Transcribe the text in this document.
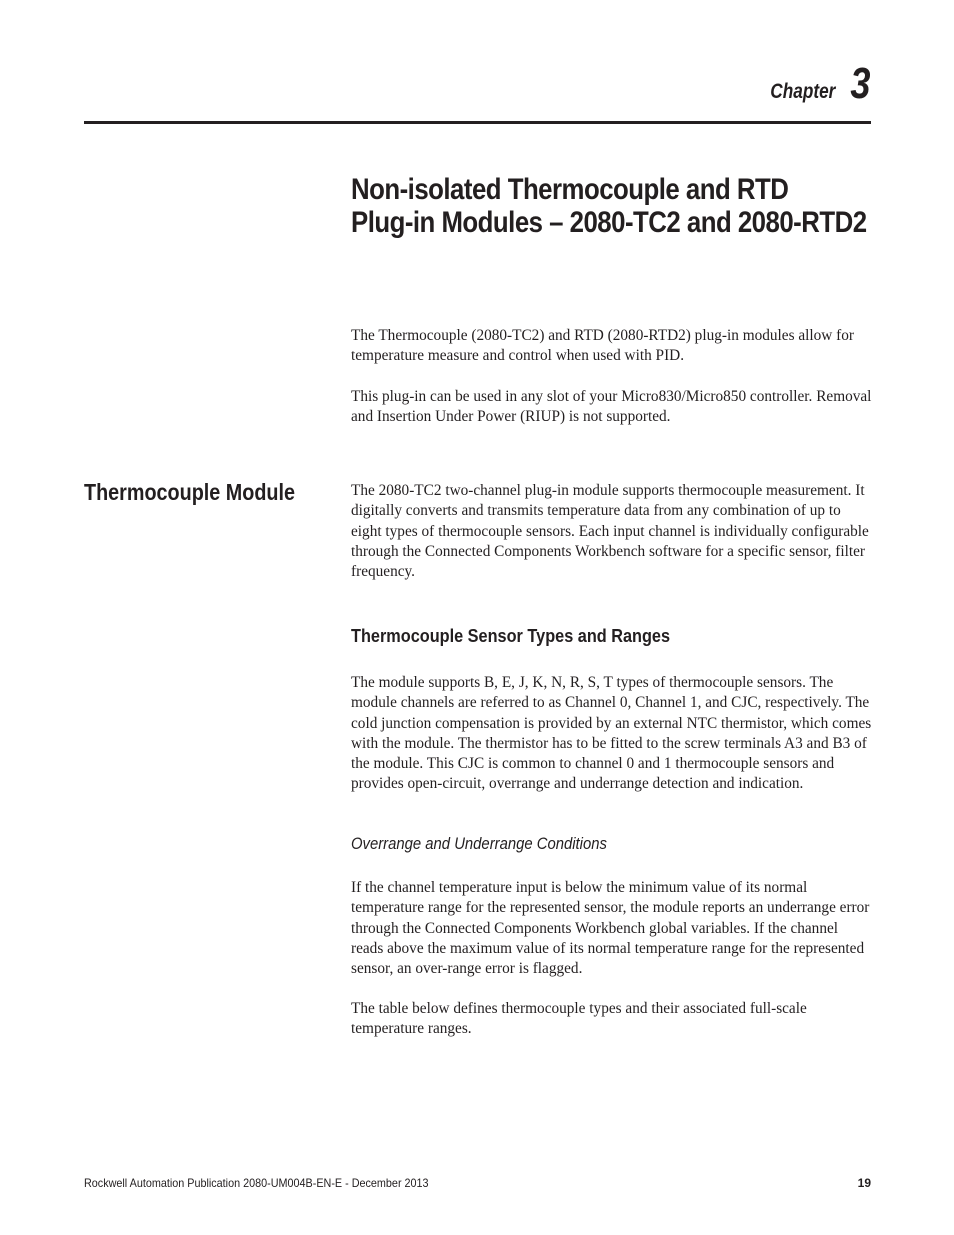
Chapter 3
Non-isolated Thermocouple and RTD
Plug-in Modules – 2080-TC2 and 2080-RTD2

The Thermocouple (2080-TC2) and RTD (2080-RTD2) plug-in modules allow for temperature measure and control when used with PID.

This plug-in can be used in any slot of your Micro830/Micro850 controller. Removal and Insertion Under Power (RIUP) is not supported.

Thermocouple Module	The 2080-TC2 two-channel plug-in module supports thermocouple measurement. It digitally converts and transmits temperature data from any combination of up to eight types of thermocouple sensors. Each input channel is individually configurable through the Connected Components Workbench software for a specific sensor, filter frequency.

Thermocouple Sensor Types and Ranges

The module supports B, E, J, K, N, R, S, T types of thermocouple sensors. The module channels are referred to as Channel 0, Channel 1, and CJC, respectively. The cold junction compensation is provided by an external NTC thermistor, which comes with the module. The thermistor has to be fitted to the screw terminals A3 and B3 of the module. This CJC is common to channel 0 and 1 thermocouple sensors and provides open-circuit, overrange and underrange detection and indication.

Overrange and Underrange Conditions

If the channel temperature input is below the minimum value of its normal temperature range for the represented sensor, the module reports an underrange error through the Connected Components Workbench global variables. If the channel reads above the maximum value of its normal temperature range for the represented sensor, an over-range error is flagged.

The table below defines thermocouple types and their associated full-scale temperature ranges.

Rockwell Automation Publication 2080-UM004B-EN-E - December 2013	19
